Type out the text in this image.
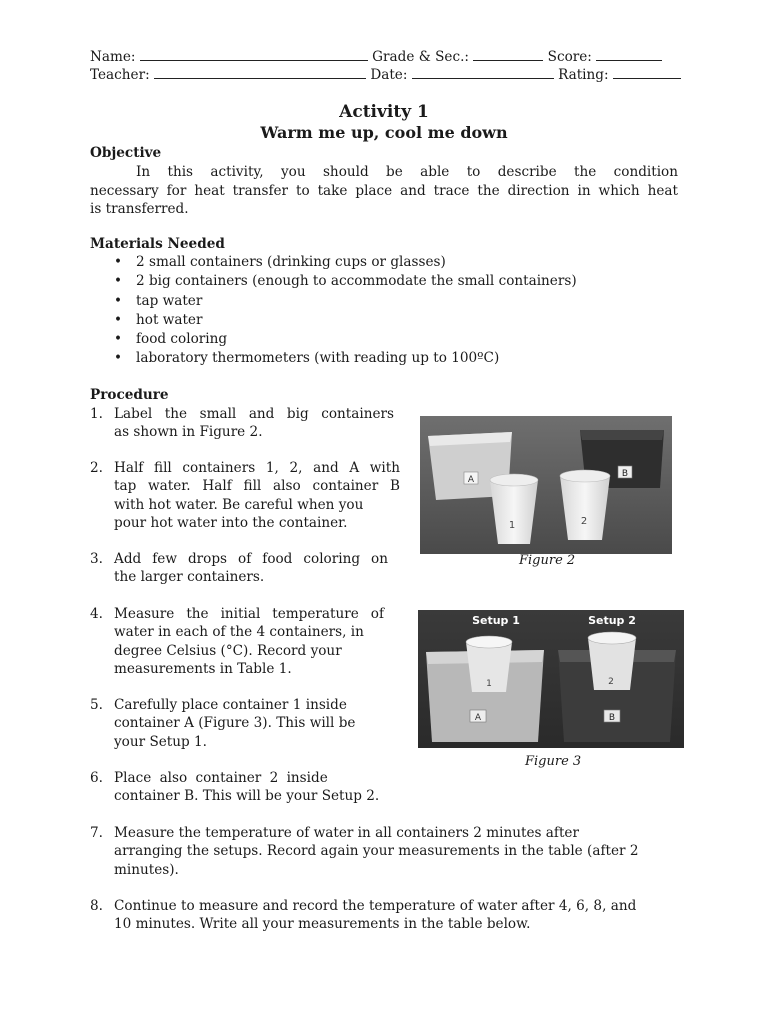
Name:	Grade & Sec.:	Score:
Teacher:	Date:	Rating:
Activity 1
Warm me up, cool me down
Objective
In this activity, you should be able to describe the condition
necessary for heat transfer to take place and trace the direction in which heat
is transferred.
Materials Needed
• 2 small containers (drinking cups or glasses)
• 2 big containers (enough to accommodate the small containers)
• tap water
• hot water
• food coloring
• laboratory thermometers (with reading up to 100ºC)
Procedure
1. Label the small and big containers
as shown in Figure 2.
2. Half fill containers 1, 2, and A with
tap water. Half fill also container B
with hot water. Be careful when you
pour hot water into the container.
3. Add few drops of food coloring on
the larger containers.
4. Measure the initial temperature of
water in each of the 4 containers, in
degree Celsius (°C). Record your
measurements in Table 1.
5. Carefully place container 1 inside
container A (Figure 3). This will be
your Setup 1.
6. Place also container 2 inside
container B. This will be your Setup 2.
7. Measure the temperature of water in all containers 2 minutes after
arranging the setups. Record again your measurements in the table (after 2
minutes).
8. Continue to measure and record the temperature of water after 4, 6, 8, and
10 minutes. Write all your measurements in the table below.
A
B
1	2
Figure 2
Setup 1	Setup 2
A
1
B
2
Figure 3
